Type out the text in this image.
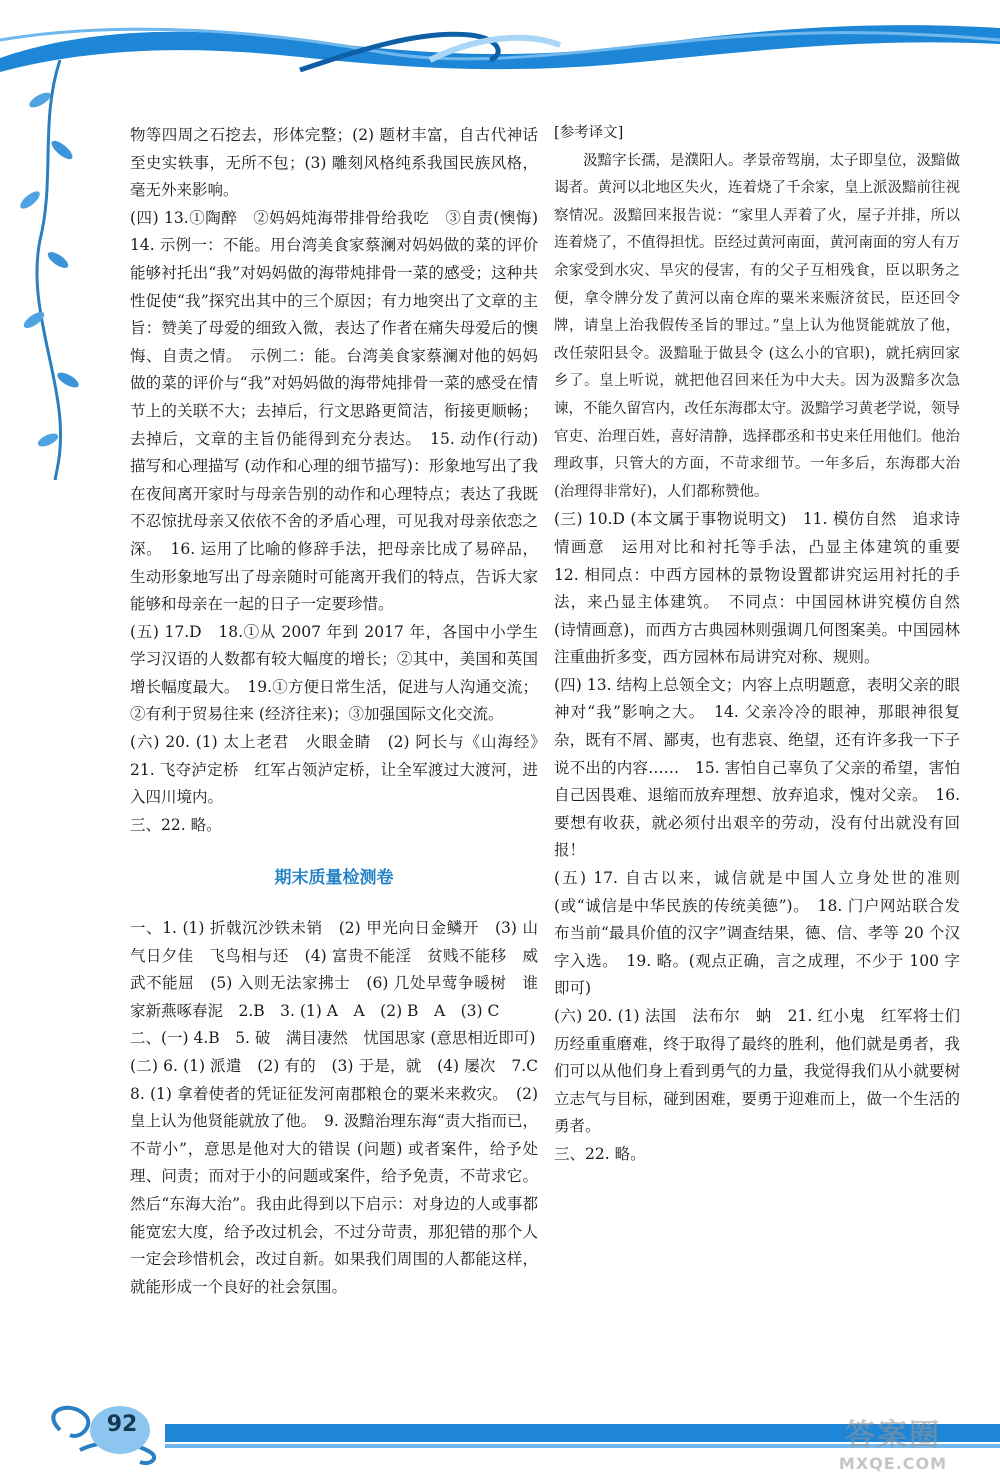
物等四周之石挖去，形体完整；(2) 题材丰富，自古代神话至史实轶事，无所不包；(3) 雕刻风格纯系我国民族风格，毫无外来影响。

(四) 13.①陶醉　②妈妈炖海带排骨给我吃　③自责(懊悔)　14. 示例一：不能。用台湾美食家蔡澜对妈妈做的菜的评价能够衬托出“我”对妈妈做的海带炖排骨一菜的感受；这种共性促使“我”探究出其中的三个原因；有力地突出了文章的主旨：赞美了母爱的细致入微，表达了作者在痛失母爱后的懊悔、自责之情。　示例二：能。台湾美食家蔡澜对他的妈妈做的菜的评价与“我”对妈妈做的海带炖排骨一菜的感受在情节上的关联不大；去掉后，行文思路更简洁，衔接更顺畅；去掉后，文章的主旨仍能得到充分表达。　15. 动作(行动) 描写和心理描写 (动作和心理的细节描写)：形象地写出了我在夜间离开家时与母亲告别的动作和心理特点；表达了我既不忍惊扰母亲又依依不舍的矛盾心理，可见我对母亲依恋之深。　16. 运用了比喻的修辞手法，把母亲比成了易碎品，生动形象地写出了母亲随时可能离开我们的特点，告诉大家能够和母亲在一起的日子一定要珍惜。

(五) 17.D　18.①从 2007 年到 2017 年，各国中小学生学习汉语的人数都有较大幅度的增长；②其中，美国和英国增长幅度最大。　19.①方便日常生活，促进与人沟通交流；②有利于贸易往来 (经济往来)；③加强国际文化交流。

(六) 20. (1) 太上老君　火眼金睛　(2) 阿长与《山海经》　21. 飞夺泸定桥　红军占领泸定桥，让全军渡过大渡河，进入四川境内。

三、22. 略。

期末质量检测卷

一、1. (1) 折戟沉沙铁未销　(2) 甲光向日金鳞开　(3) 山气日夕佳　飞鸟相与还　(4) 富贵不能淫　贫贱不能移　威武不能屈　(5) 入则无法家拂士　(6) 几处早莺争暖树　谁家新燕啄春泥　2.B　3. (1) A　A　(2) B　A　(3) C

二、(一) 4.B　5. 破　满目凄然　忧国思家 (意思相近即可)

(二) 6. (1) 派遣　(2) 有的　(3) 于是，就　(4) 屡次　7.C　8. (1) 拿着使者的凭证征发河南郡粮仓的粟米来救灾。　(2) 皇上认为他贤能就放了他。　9. 汲黯治理东海“责大指而已，不苛小”，意思是他对大的错误 (问题) 或者案件，给予处理、问责；而对于小的问题或案件，给予免责，不苛求它。然后“东海大治”。我由此得到以下启示：对身边的人或事都能宽宏大度，给予改过机会，不过分苛责，那犯错的那个人一定会珍惜机会，改过自新。如果我们周围的人都能这样，就能形成一个良好的社会氛围。

[参考译文]

汲黯字长孺，是濮阳人。孝景帝驾崩，太子即皇位，汲黯做谒者。黄河以北地区失火，连着烧了千余家，皇上派汲黯前往视察情况。汲黯回来报告说：“家里人弄着了火，屋子并排，所以连着烧了，不值得担忧。臣经过黄河南面，黄河南面的穷人有万余家受到水灾、旱灾的侵害，有的父子互相残食，臣以职务之便，拿令牌分发了黄河以南仓库的粟米来赈济贫民，臣还回令牌，请皇上治我假传圣旨的罪过。”皇上认为他贤能就放了他，改任荥阳县令。汲黯耻于做县令 (这么小的官职)，就托病回家乡了。皇上听说，就把他召回来任为中大夫。因为汲黯多次急谏，不能久留宫内，改任东海郡太守。汲黯学习黄老学说，领导官吏、治理百姓，喜好清静，选择郡丞和书史来任用他们。他治理政事，只管大的方面，不苛求细节。一年多后，东海郡大治 (治理得非常好)，人们都称赞他。

(三) 10.D (本文属于事物说明文)　11. 模仿自然　追求诗情画意　运用对比和衬托等手法，凸显主体建筑的重要　12. 相同点：中西方园林的景物设置都讲究运用衬托的手法，来凸显主体建筑。　不同点：中国园林讲究模仿自然 (诗情画意)，而西方古典园林则强调几何图案美。中国园林注重曲折多变，西方园林布局讲究对称、规则。

(四) 13. 结构上总领全文；内容上点明题意，表明父亲的眼神对“我”影响之大。　14. 父亲冷冷的眼神，那眼神很复杂，既有不屑、鄙夷，也有悲哀、绝望，还有许多我一下子说不出的内容……　15. 害怕自己辜负了父亲的希望，害怕自己因畏难、退缩而放弃理想、放弃追求，愧对父亲。　16. 要想有收获，就必须付出艰辛的劳动，没有付出就没有回报！

(五) 17. 自古以来，诚信就是中国人立身处世的准则 (或“诚信是中华民族的传统美德”)。　18. 门户网站联合发布当前“最具价值的汉字”调查结果，德、信、孝等 20 个汉字入选。　19. 略。(观点正确，言之成理，不少于 100 字即可)

(六) 20. (1) 法国　法布尔　蚋　21. 红小鬼　红军将士们历经重重磨难，终于取得了最终的胜利，他们就是勇者，我们可以从他们身上看到勇气的力量，我觉得我们从小就要树立志气与目标，碰到困难，要勇于迎难而上，做一个生活的勇者。

三、22. 略。

92	答案圈
MXQE.COM
